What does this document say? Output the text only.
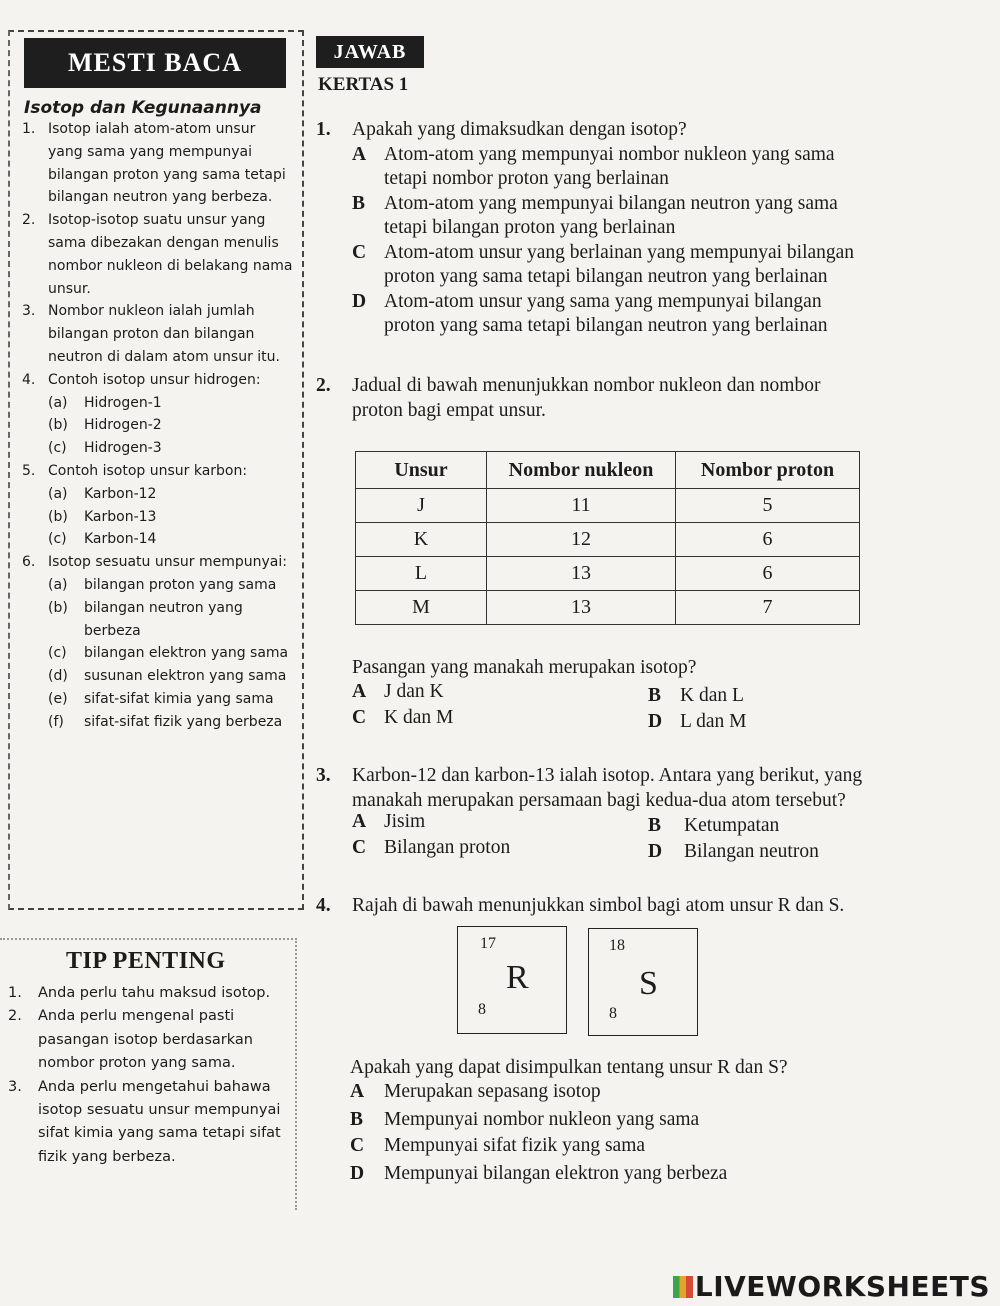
MESTI BACA
Isotop dan Kegunaannya
1. Isotop ialah atom-atom unsur yang sama yang mempunyai bilangan proton yang sama tetapi bilangan neutron yang berbeza.
2. Isotop-isotop suatu unsur yang sama dibezakan dengan menulis nombor nukleon di belakang nama unsur.
3. Nombor nukleon ialah jumlah bilangan proton dan bilangan neutron di dalam atom unsur itu.
4. Contoh isotop unsur hidrogen:
(a) Hidrogen-1
(b) Hidrogen-2
(c) Hidrogen-3
5. Contoh isotop unsur karbon:
(a) Karbon-12
(b) Karbon-13
(c) Karbon-14
6. Isotop sesuatu unsur mempunyai:
(a) bilangan proton yang sama
(b) bilangan neutron yang berbeza
(c) bilangan elektron yang sama
(d) susunan elektron yang sama
(e) sifat-sifat kimia yang sama
(f) sifat-sifat fizik yang berbeza
TIP PENTING
1. Anda perlu tahu maksud isotop.
2. Anda perlu mengenal pasti pasangan isotop berdasarkan nombor proton yang sama.
3. Anda perlu mengetahui bahawa isotop sesuatu unsur mempunyai sifat kimia yang sama tetapi sifat fizik yang berbeza.
JAWAB
KERTAS 1
1. Apakah yang dimaksudkan dengan isotop?
A Atom-atom yang mempunyai nombor nukleon yang sama
tetapi nombor proton yang berlainan
B Atom-atom yang mempunyai bilangan neutron yang sama
tetapi bilangan proton yang berlainan
C Atom-atom unsur yang berlainan yang mempunyai bilangan
proton yang sama tetapi bilangan neutron yang berlainan
D Atom-atom unsur yang sama yang mempunyai bilangan
proton yang sama tetapi bilangan neutron yang berlainan
2. Jadual di bawah menunjukkan nombor nukleon dan nombor
proton bagi empat unsur.
Unsur	Nombor nukleon	Nombor proton
J	11	5
K	12	6
L	13	6
M	13	7
Pasangan yang manakah merupakan isotop?
A J dan K	B K dan L
C K dan M	D L dan M
3. Karbon-12 dan karbon-13 ialah isotop. Antara yang berikut, yang
manakah merupakan persamaan bagi kedua-dua atom tersebut?
A Jisim	B Ketumpatan
C Bilangan proton	D Bilangan neutron
4. Rajah di bawah menunjukkan simbol bagi atom unsur R dan S.
17
R
8
18
S
8
Apakah yang dapat disimpulkan tentang unsur R dan S?
A Merupakan sepasang isotop
B Mempunyai nombor nukleon yang sama
C Mempunyai sifat fizik yang sama
D Mempunyai bilangan elektron yang berbeza
LIVEWORKSHEETS
